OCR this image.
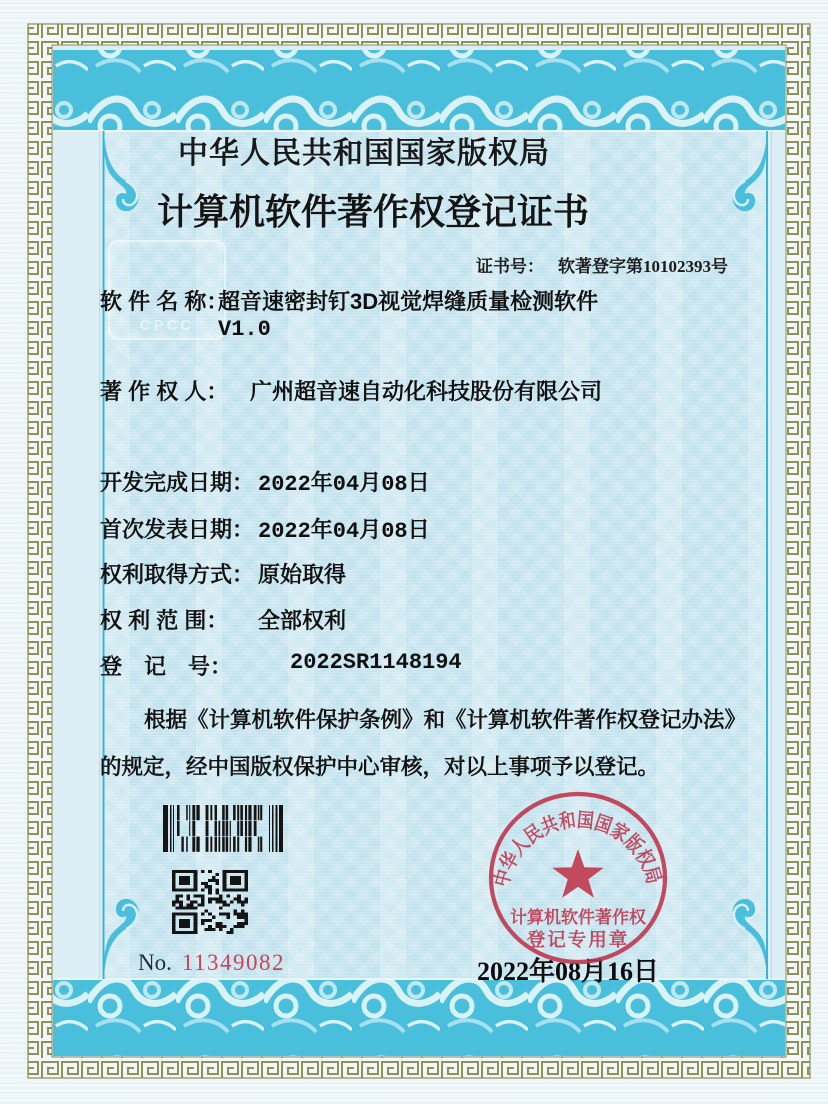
CPCC
中华人民共和国国家版权局
计算机软件著作权登记证书
证书号： 软著登字第10102393号
软 件 名 称：
超音速密封钉3D视觉焊缝质量检测软件
V1.0
著 作 权 人： 广州超音速自动化科技股份有限公司
开发完成日期： 2022年04月08日
首次发表日期： 2022年04月08日
权利取得方式： 原始取得
权 利 范 围： 全部权利
登　记　号：	2022SR1148194
根据《计算机软件保护条例》和《计算机软件著作权登记办法》的规定，经中国版权保护中心审核，对以上事项予以登记。
No. 11349082	2022年08月16日
中华人民共和国国家版权局
计算机软件著作权
登记专用章
